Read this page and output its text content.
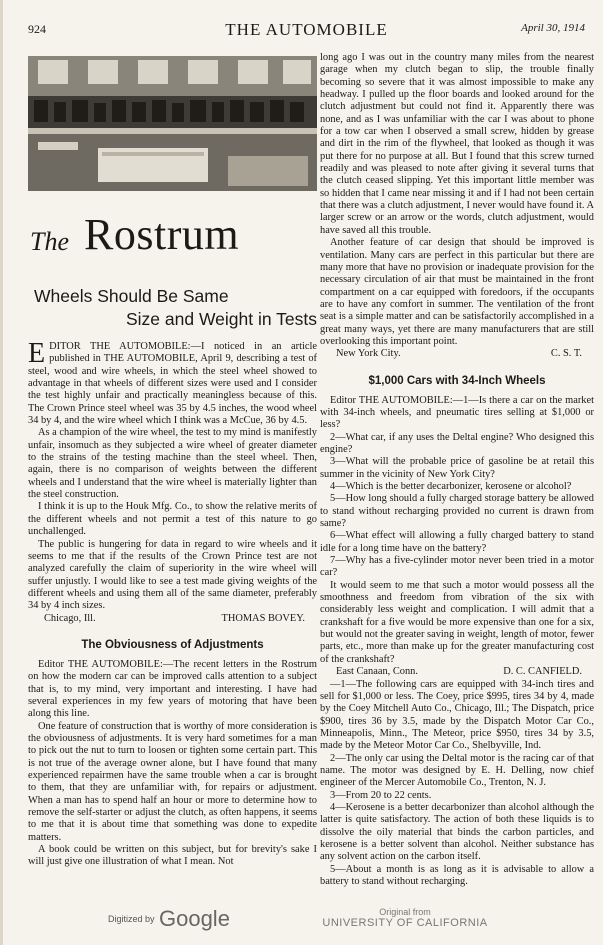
924	THE AUTOMOBILE	April 30, 1914
The Rostrum
Wheels Should Be Same
Size and Weight in Tests

EDITOR THE AUTOMOBILE:—I noticed in an article published in THE AUTOMOBILE, April 9, describing a test of steel, wood and wire wheels, in which the steel wheel showed to advantage in that wheels of different sizes were used and I consider the test highly unfair and practically meaningless because of this. The Crown Prince steel wheel was 35 by 4.5 inches, the wood wheel 34 by 4, and the wire wheel which I think was a McCue, 36 by 4.5.

As a champion of the wire wheel, the test to my mind is manifestly unfair, insomuch as they subjected a wire wheel of greater diameter to the strains of the testing machine than the steel wheel. Then, again, there is no comparison of weights between the different wheels and I understand that the wire wheel is materially lighter than the steel construction.

I think it is up to the Houk Mfg. Co., to show the relative merits of the different wheels and not permit a test of this nature to go unchallenged.

The public is hungering for data in regard to wire wheels and it seems to me that if the results of the Crown Prince test are not analyzed carefully the claim of superiority in the wire wheel will suffer unjustly. I would like to see a test made giving weights of the different wheels and using them all of the same diameter, preferably 34 by 4 inch sizes.

Chicago, Ill.	THOMAS BOVEY.
The Obviousness of Adjustments

Editor THE AUTOMOBILE:—The recent letters in the Rostrum on how the modern car can be improved calls attention to a subject that is, to my mind, very important and interesting. I have had several experiences in my few years of motoring that have been along this line.

One feature of construction that is worthy of more consideration is the obviousness of adjustments. It is very hard sometimes for a man to pick out the nut to turn to loosen or tighten some certain part. This is not true of the average owner alone, but I have found that many experienced repairmen have the same trouble when a car is brought to them, that they are unfamiliar with, for repairs or adjustment. When a man has to spend half an hour or more to determine how to remove the self-starter or adjust the clutch, as often happens, it seems to me that it is about time that something was done to expedite matters.

A book could be written on this subject, but for brevity's sake I will just give one illustration of what I mean. Not

long ago I was out in the country many miles from the nearest garage when my clutch began to slip, the trouble finally becoming so severe that it was almost impossible to make any headway. I pulled up the floor boards and looked around for the clutch adjustment but could not find it. Apparently there was none, and as I was unfamiliar with the car I was about to phone for a tow car when I observed a small screw, hidden by grease and dirt in the rim of the flywheel, that looked as though it was put there for no purpose at all. But I found that this screw turned readily and was pleased to note after giving it several turns that the clutch ceased slipping. Yet this important little member was so hidden that I came near missing it and if I had not been certain that there was a clutch adjustment, I never would have found it. A larger screw or an arrow or the words, clutch adjustment, would have saved all this trouble.

Another feature of car design that should be improved is ventilation. Many cars are perfect in this particular but there are many more that have no provision or inadequate provision for the necessary circulation of air that must be maintained in the front compartment on a car equipped with foredoors, if the occupants are to have any comfort in summer. The ventilation of the front seat is a simple matter and can be satisfactorily accomplished in a great many ways, yet there are many manufacturers that are still overlooking this important point.

New York City.	C. S. T.
$1,000 Cars with 34-Inch Wheels

Editor THE AUTOMOBILE:—1—Is there a car on the market with 34-inch wheels, and pneumatic tires selling at $1,000 or less?

2—What car, if any uses the Deltal engine? Who designed this engine?

3—What will the probable price of gasoline be at retail this summer in the vicinity of New York City?

4—Which is the better decarbonizer, kerosene or alcohol?

5—How long should a fully charged storage battery be allowed to stand without recharging provided no current is drawn from same?

6—What effect will allowing a fully charged battery to stand idle for a long time have on the battery?

7—Why has a five-cylinder motor never been tried in a motor car?

It would seem to me that such a motor would possess all the smoothness and freedom from vibration of the six with considerably less weight and complication. I will admit that a crankshaft for a five would be more expensive than one for a six, but would not the greater saving in weight, length of motor, fewer parts, etc., more than make up for the greater manufacturing cost of the crankshaft?

East Canaan, Conn.	D. C. CANFIELD.

—1—The following cars are equipped with 34-inch tires and sell for $1,000 or less. The Coey, price $995, tires 34 by 4, made by the Coey Mitchell Auto Co., Chicago, Ill.; The Dispatch, price $900, tires 36 by 3.5, made by the Dispatch Motor Car Co., Minneapolis, Minn., The Meteor, price $950, tires 34 by 3.5, made by the Meteor Motor Car Co., Shelbyville, Ind.

2—The only car using the Deltal motor is the racing car of that name. The motor was designed by E. H. Delling, now chief engineer of the Mercer Automobile Co., Trenton, N. J.

3—From 20 to 22 cents.

4—Kerosene is a better decarbonizer than alcohol although the latter is quite satisfactory. The action of both these liquids is to dissolve the oily material that binds the carbon particles, and kerosene is a better solvent than alcohol. Neither substance has any solvent action on the carbon itself.

5—About a month is as long as it is advisable to allow a battery to stand without recharging.

Digitized by Google	Original from
UNIVERSITY OF CALIFORNIA
